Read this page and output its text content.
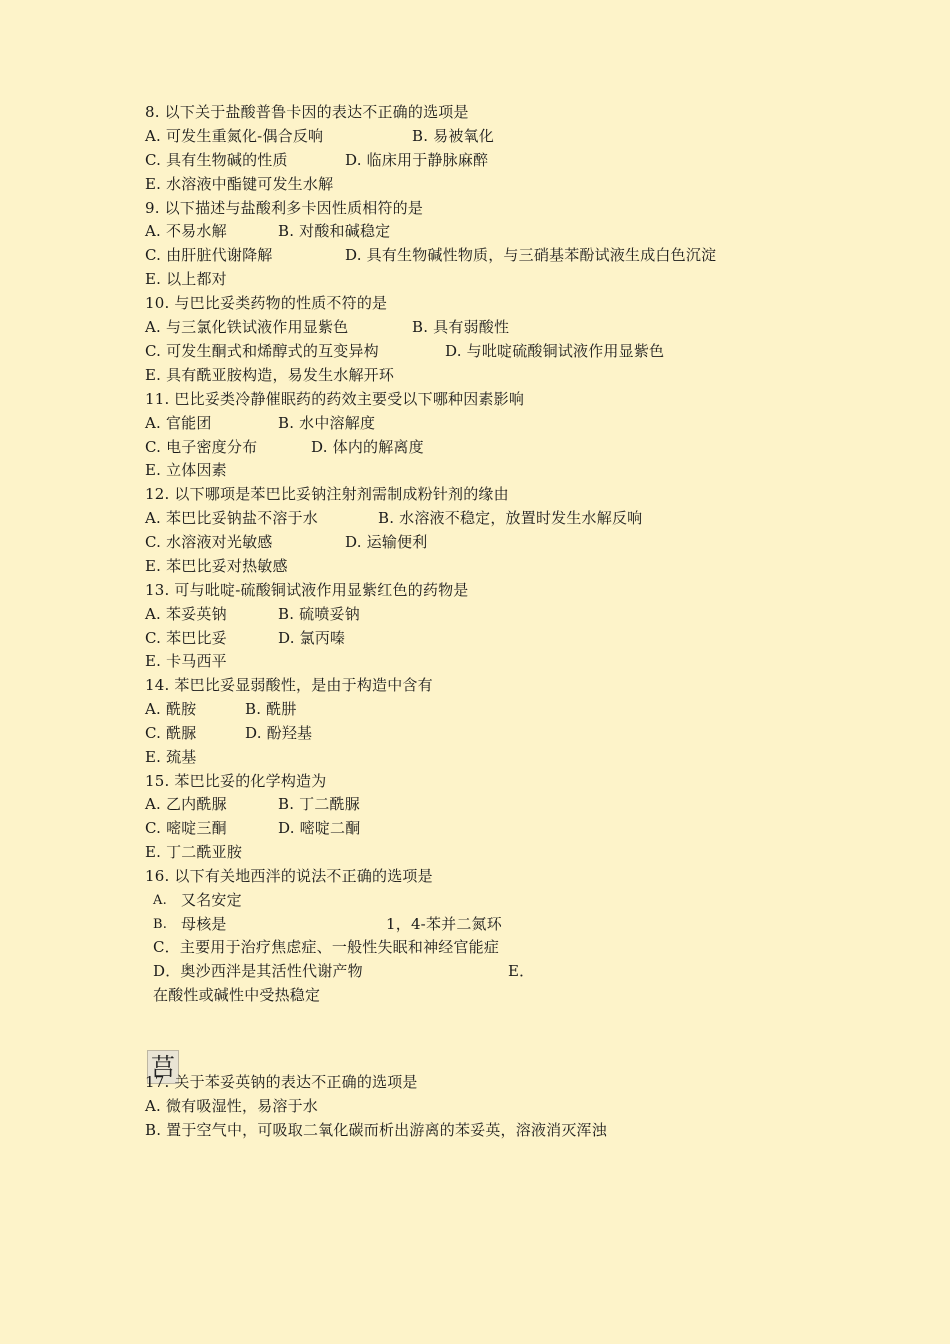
8. 以下关于盐酸普鲁卡因的表达不正确的选项是
A. 可发生重氮化-偶合反响	B. 易被氧化
C. 具有生物碱的性质	D. 临床用于静脉麻醉
E. 水溶液中酯键可发生水解
9. 以下描述与盐酸利多卡因性质相符的是
A. 不易水解	B. 对酸和碱稳定
C. 由肝脏代谢降解	D. 具有生物碱性物质，与三硝基苯酚试液生成白色沉淀
E. 以上都对
10. 与巴比妥类药物的性质不符的是
A. 与三氯化铁试液作用显紫色	B. 具有弱酸性
C. 可发生酮式和烯醇式的互变异构	D. 与吡啶硫酸铜试液作用显紫色
E. 具有酰亚胺构造，易发生水解开环
11. 巴比妥类冷静催眠药的药效主要受以下哪种因素影响
A. 官能团	B. 水中溶解度
C. 电子密度分布	D. 体内的解离度
E. 立体因素
12. 以下哪项是苯巴比妥钠注射剂需制成粉针剂的缘由
A. 苯巴比妥钠盐不溶于水	B. 水溶液不稳定，放置时发生水解反响
C. 水溶液对光敏感	D. 运输便利
E. 苯巴比妥对热敏感
13. 可与吡啶-硫酸铜试液作用显紫红色的药物是
A. 苯妥英钠	B. 硫喷妥钠
C. 苯巴比妥	D. 氯丙嗪
E. 卡马西平
14. 苯巴比妥显弱酸性，是由于构造中含有
A. 酰胺	B. 酰肼
C. 酰脲	D. 酚羟基
E. 巯基
15. 苯巴比妥的化学构造为
A. 乙内酰脲	B. 丁二酰脲
C. 嘧啶三酮	D. 嘧啶二酮
E. 丁二酰亚胺
16. 以下有关地西泮的说法不正确的选项是
A. 又名安定
B. 母核是	1，4-苯并二氮环
C．主要用于治疗焦虑症、一般性失眠和神经官能症
D．奥沙西泮是其活性代谢产物	E．
在酸性或碱性中受热稳定
莒
17. 关于苯妥英钠的表达不正确的选项是
A. 微有吸湿性，易溶于水
B. 置于空气中，可吸取二氧化碳而析出游离的苯妥英，溶液消灭浑浊
